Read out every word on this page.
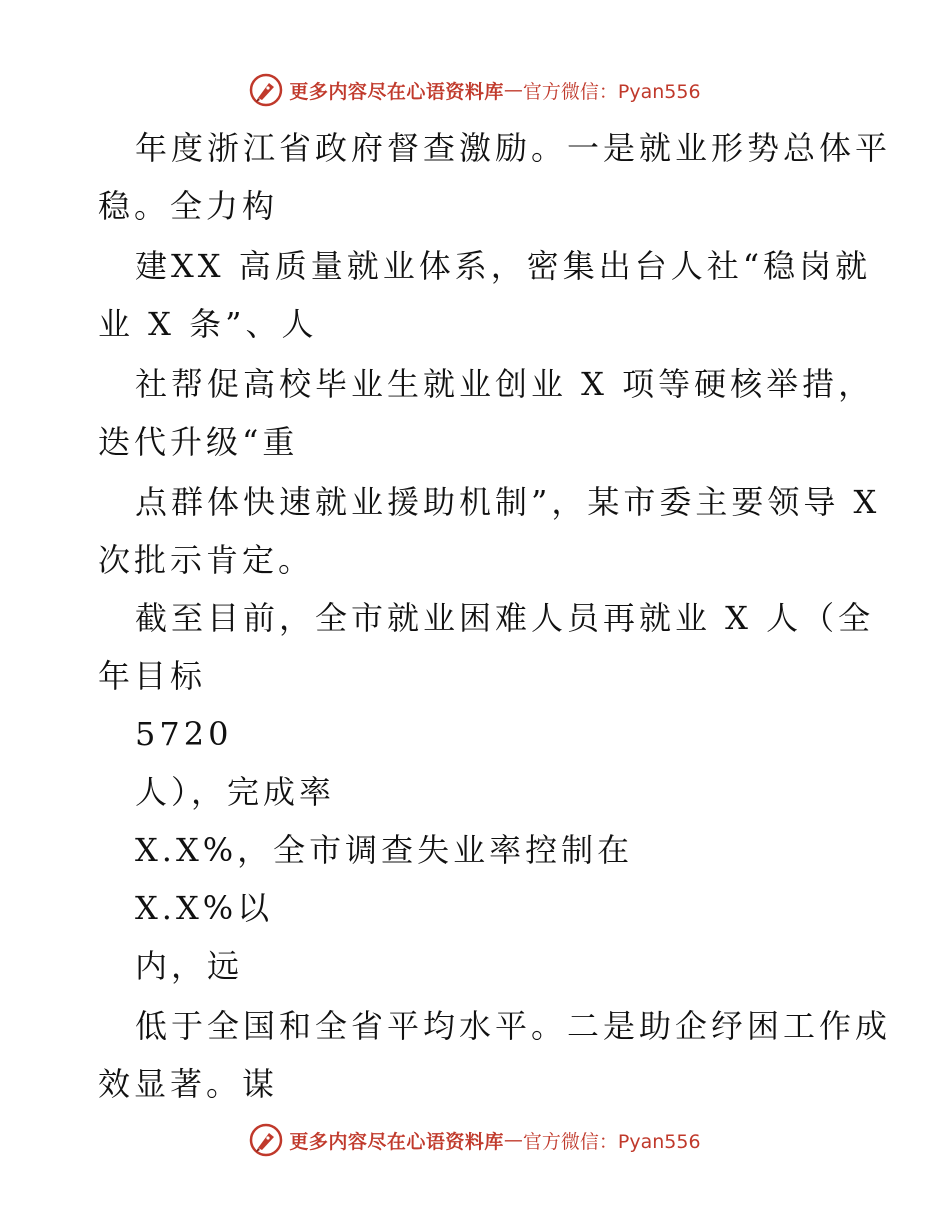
更多内容尽在心语资料库 — 官方微信：Pyan556
年度浙江省政府督查激励。一是就业形势总体平
稳。全力构
建XX 高质量就业体系，密集出台人社“稳岗就
业 X 条”、人
社帮促高校毕业生就业创业 X 项等硬核举措，
迭代升级“重
点群体快速就业援助机制”，某市委主要领导 X
次批示肯定。
截至目前，全市就业困难人员再就业 X 人（全
年目标
5720
人），完成率
X.X%，全市调查失业率控制在
X.X%以
内，远
低于全国和全省平均水平。二是助企纾困工作成
效显著。谋
更多内容尽在心语资料库 — 官方微信：Pyan556
